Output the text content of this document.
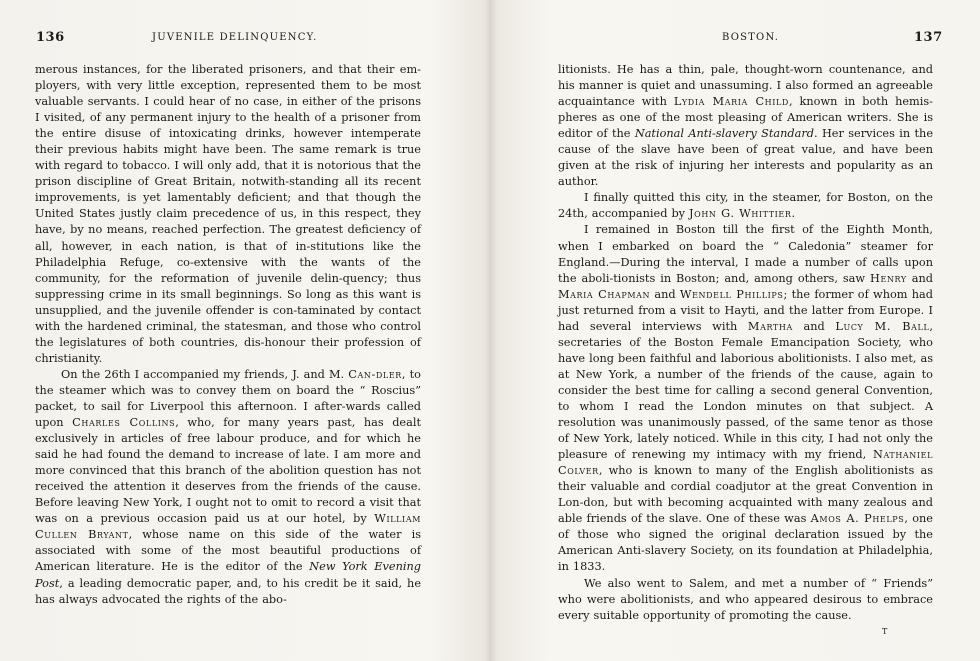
136	JUVENILE DELINQUENCY.

merous instances, for the liberated prisoners, and that their em-ployers, with very little exception, represented them to be most valuable servants. I could hear of no case, in either of the prisons I visited, of any permanent injury to the health of a prisoner from the entire disuse of intoxicating drinks, however intemperate their previous habits might have been. The same remark is true with regard to tobacco. I will only add, that it is notorious that the prison discipline of Great Britain, notwith-standing all its recent improvements, is yet lamentably deficient; and that though the United States justly claim precedence of us, in this respect, they have, by no means, reached perfection. The greatest deficiency of all, however, in each nation, is that of in-stitutions like the Philadelphia Refuge, co-extensive with the wants of the community, for the reformation of juvenile delin-quency; thus suppressing crime in its small beginnings. So long as this want is unsupplied, and the juvenile offender is con-taminated by contact with the hardened criminal, the statesman, and those who control the legislatures of both countries, dis-honour their profession of christianity.

On the 26th I accompanied my friends, J. and M. Can-dler, to the steamer which was to convey them on board the “ Roscius” packet, to sail for Liverpool this afternoon. I after-wards called upon Charles Collins, who, for many years past, has dealt exclusively in articles of free labour produce, and for which he said he had found the demand to increase of late. I am more and more convinced that this branch of the abolition question has not received the attention it deserves from the friends of the cause. Before leaving New York, I ought not to omit to record a visit that was on a previous occasion paid us at our hotel, by William Cullen Bryant, whose name on this side of the water is associated with some of the most beautiful productions of American literature. He is the editor of the New York Evening Post, a leading democratic paper, and, to his credit be it said, he has always advocated the rights of the abo-

BOSTON.	137

litionists. He has a thin, pale, thought-worn countenance, and his manner is quiet and unassuming. I also formed an agreeable acquaintance with Lydia Maria Child, known in both hemis-pheres as one of the most pleasing of American writers. She is editor of the National Anti-slavery Standard. Her services in the cause of the slave have been of great value, and have been given at the risk of injuring her interests and popularity as an author.

I finally quitted this city, in the steamer, for Boston, on the 24th, accompanied by John G. Whittier.

I remained in Boston till the first of the Eighth Month, when I embarked on board the “ Caledonia” steamer for England.—During the interval, I made a number of calls upon the aboli-tionists in Boston; and, among others, saw Henry and Maria Chapman and Wendell Phillips; the former of whom had just returned from a visit to Hayti, and the latter from Europe. I had several interviews with Martha and Lucy M. Ball, secretaries of the Boston Female Emancipation Society, who have long been faithful and laborious abolitionists. I also met, as at New York, a number of the friends of the cause, again to consider the best time for calling a second general Convention, to whom I read the London minutes on that subject. A resolution was unanimously passed, of the same tenor as those of New York, lately noticed. While in this city, I had not only the pleasure of renewing my intimacy with my friend, Nathaniel Colver, who is known to many of the English abolitionists as their valuable and cordial coadjutor at the great Convention in Lon-don, but with becoming acquainted with many zealous and able friends of the slave. One of these was Amos A. Phelps, one of those who signed the original declaration issued by the American Anti-slavery Society, on its foundation at Philadelphia, in 1833.

We also went to Salem, and met a number of “ Friends” who were abolitionists, and who appeared desirous to embrace every suitable opportunity of promoting the cause.

T
